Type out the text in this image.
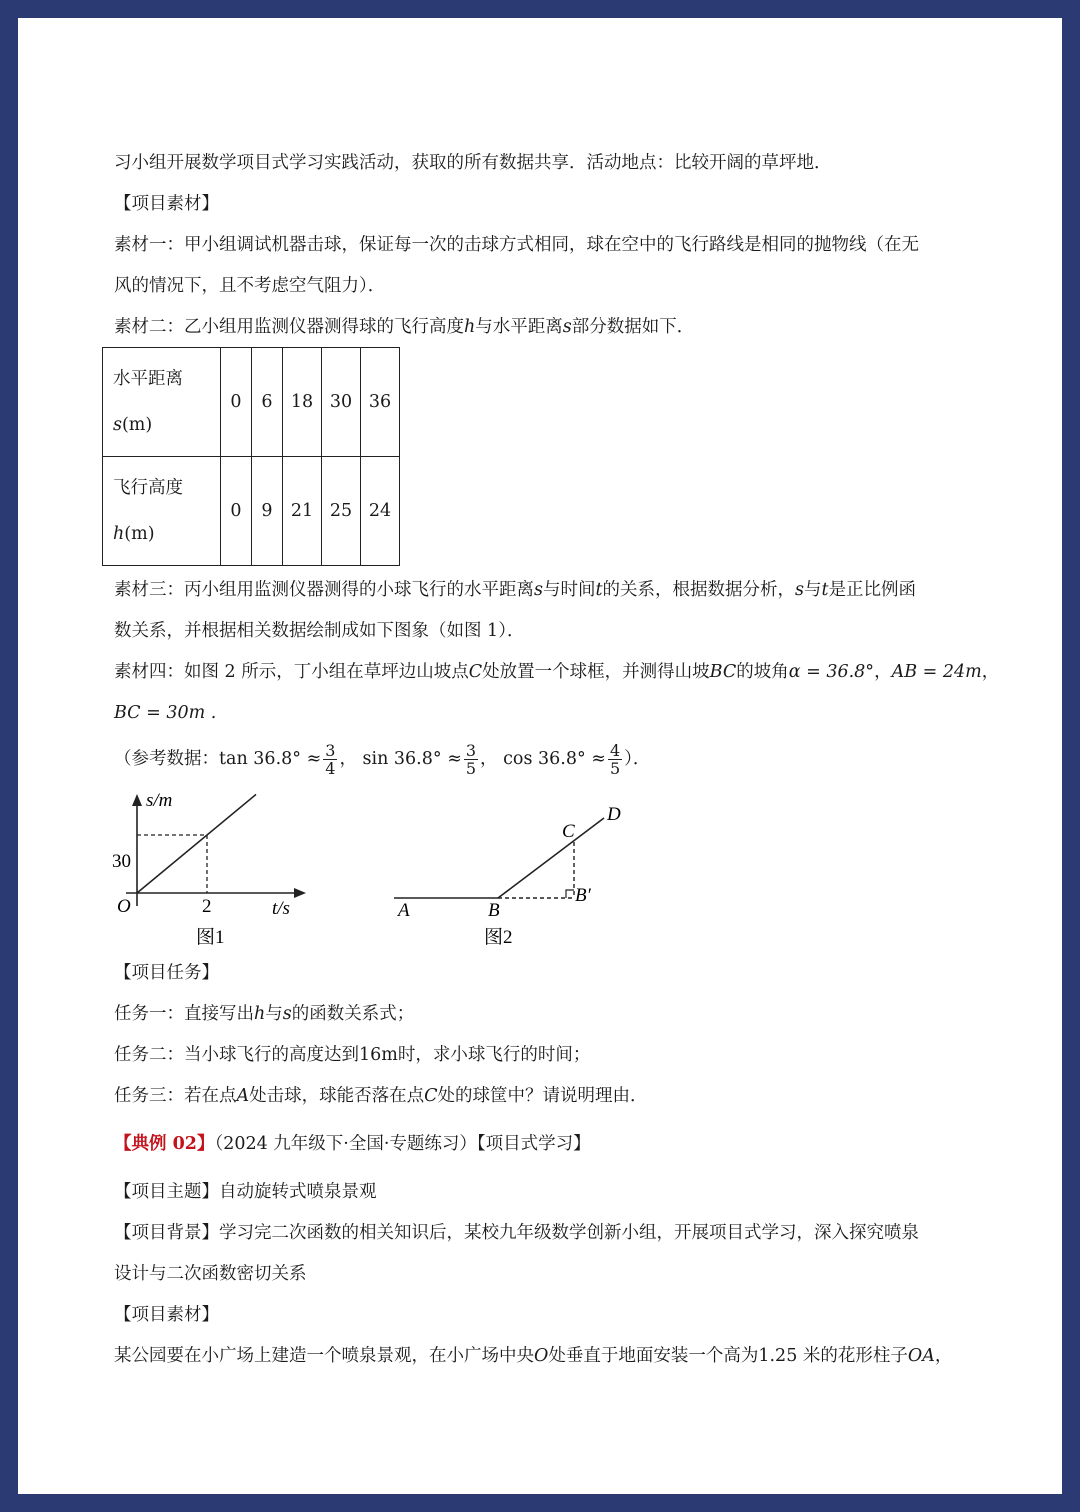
习小组开展数学项目式学习实践活动，获取的所有数据共享．活动地点：比较开阔的草坪地．
【项目素材】
素材一：甲小组调试机器击球，保证每一次的击球方式相同，球在空中的飞行路线是相同的抛物线（在无
风的情况下，且不考虑空气阻力）．
素材二：乙小组用监测仪器测得球的飞行高度h与水平距离s部分数据如下．
水平距离
s(m)	0	6	18	30	36
飞行高度
h(m)	0	9	21	25	24
素材三：丙小组用监测仪器测得的小球飞行的水平距离s与时间t的关系，根据数据分析，s与t是正比例函
数关系，并根据相关数据绘制成如下图象（如图 1）．
素材四：如图 2 所示，丁小组在草坪边山坡点C处放置一个球框，并测得山坡BC的坡角α = 36.8°，AB = 24m，
BC = 30m .
（参考数据：$\tan 36.8^\circ \approx \frac{3}{4}$ ， $\sin 36.8^\circ \approx \frac{3}{5}$ ， $\cos 36.8^\circ \approx \frac{4}{5}$ ）．
s/m
t/s
O
30
2
图1
A	B
C
D
B′
图2
【项目任务】
任务一：直接写出h与s的函数关系式；
任务二：当小球飞行的高度达到16m时，求小球飞行的时间；
任务三：若在点A处击球，球能否落在点C处的球筐中？请说明理由．
【典例 02】（2024 九年级下·全国·专题练习）【项目式学习】
【项目主题】自动旋转式喷泉景观
【项目背景】学习完二次函数的相关知识后，某校九年级数学创新小组，开展项目式学习，深入探究喷泉
设计与二次函数密切关系
【项目素材】
某公园要在小广场上建造一个喷泉景观，在小广场中央O处垂直于地面安装一个高为1.25 米的花形柱子OA，
